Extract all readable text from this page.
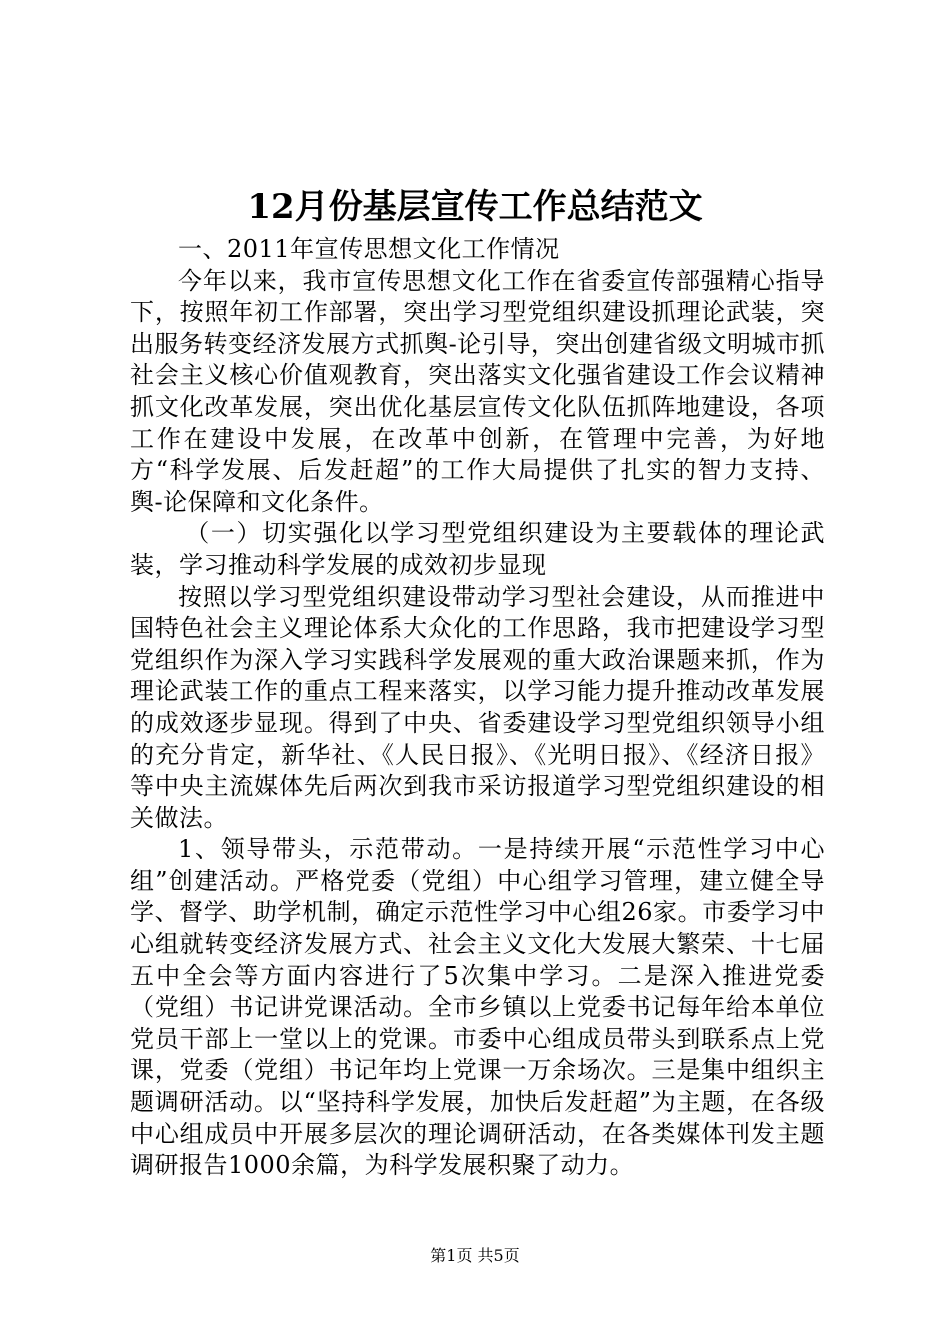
12月份基层宣传工作总结范文

一、2011年宣传思想文化工作情况

今年以来，我市宣传思想文化工作在省委宣传部强精心指导下，按照年初工作部署，突出学习型党组织建设抓理论武装，突出服务转变经济发展方式抓舆-论引导，突出创建省级文明城市抓社会主义核心价值观教育，突出落实文化强省建设工作会议精神抓文化改革发展，突出优化基层宣传文化队伍抓阵地建设，各项工作在建设中发展，在改革中创新，在管理中完善，为好地方“科学发展、后发赶超”的工作大局提供了扎实的智力支持、舆-论保障和文化条件。

（一）切实强化以学习型党组织建设为主要载体的理论武装，学习推动科学发展的成效初步显现

按照以学习型党组织建设带动学习型社会建设，从而推进中国特色社会主义理论体系大众化的工作思路，我市把建设学习型党组织作为深入学习实践科学发展观的重大政治课题来抓，作为理论武装工作的重点工程来落实，以学习能力提升推动改革发展的成效逐步显现。得到了中央、省委建设学习型党组织领导小组的充分肯定，新华社、《人民日报》、《光明日报》、《经济日报》等中央主流媒体先后两次到我市采访报道学习型党组织建设的相关做法。

1、领导带头，示范带动。一是持续开展“示范性学习中心组”创建活动。严格党委（党组）中心组学习管理，建立健全导学、督学、助学机制，确定示范性学习中心组26家。市委学习中心组就转变经济发展方式、社会主义文化大发展大繁荣、十七届五中全会等方面内容进行了5次集中学习。二是深入推进党委（党组）书记讲党课活动。全市乡镇以上党委书记每年给本单位党员干部上一堂以上的党课。市委中心组成员带头到联系点上党课，党委（党组）书记年均上党课一万余场次。三是集中组织主题调研活动。以“坚持科学发展，加快后发赶超”为主题，在各级中心组成员中开展多层次的理论调研活动，在各类媒体刊发主题调研报告1000余篇，为科学发展积聚了动力。

第1页 共5页
